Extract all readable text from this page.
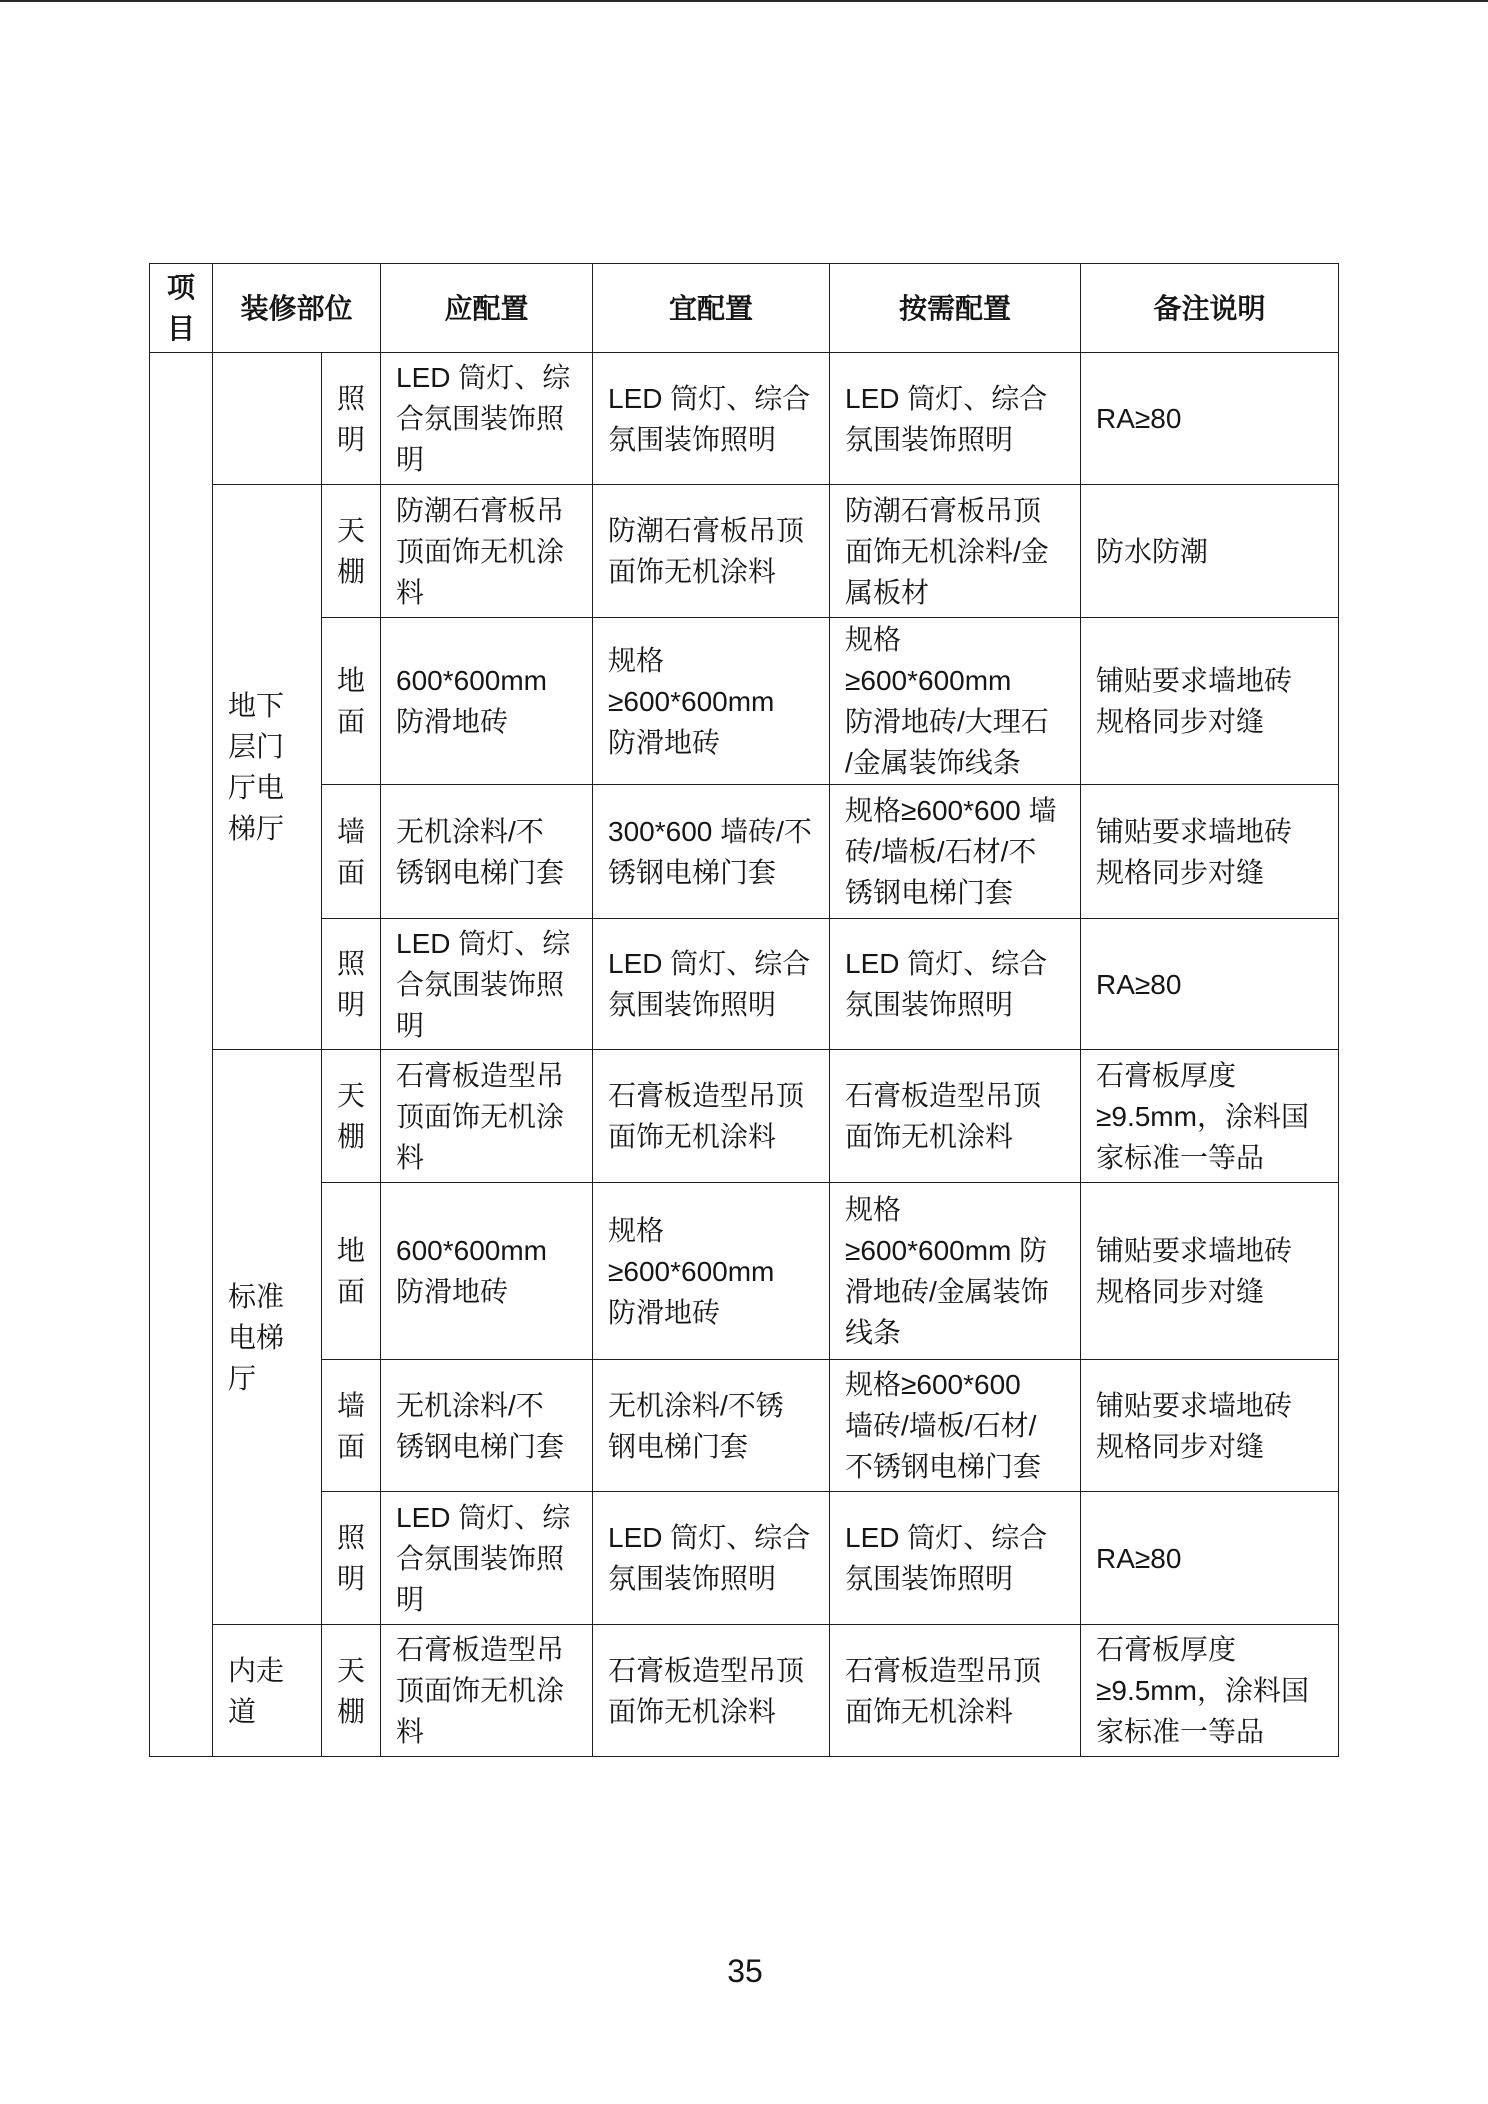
项目	装修部位		应配置	宜配置	按需配置	备注说明
		照明	LED 筒灯、综
合氛围装饰照
明	LED 筒灯、综合
氛围装饰照明	LED 筒灯、综合
氛围装饰照明	RA≥80

	地下层门厅电梯厅	天棚	防潮石膏板吊
顶面饰无机涂
料	防潮石膏板吊顶
面饰无机涂料	防潮石膏板吊顶
面饰无机涂料/金
属板材	防水防潮

		地面	600*600mm
防滑地砖	规格
≥600*600mm
防滑地砖	规格
≥600*600mm
防滑地砖/大理石
/金属装饰线条	铺贴要求墙地砖
规格同步对缝

		墙面	无机涂料/不
锈钢电梯门套	300*600 墙砖/不
锈钢电梯门套	规格≥600*600 墙
砖/墙板/石材/不
锈钢电梯门套	铺贴要求墙地砖
规格同步对缝

		照明	LED 筒灯、综
合氛围装饰照
明	LED 筒灯、综合
氛围装饰照明	LED 筒灯、综合
氛围装饰照明	RA≥80

	标准电梯厅	天棚	石膏板造型吊
顶面饰无机涂
料	石膏板造型吊顶
面饰无机涂料	石膏板造型吊顶
面饰无机涂料	石膏板厚度
≥9.5mm，涂料国
家标准一等品

		地面	600*600mm
防滑地砖	规格
≥600*600mm
防滑地砖	规格
≥600*600mm 防
滑地砖/金属装饰
线条	铺贴要求墙地砖
规格同步对缝

		墙面	无机涂料/不
锈钢电梯门套	无机涂料/不锈
钢电梯门套	规格≥600*600
墙砖/墙板/石材/
不锈钢电梯门套	铺贴要求墙地砖
规格同步对缝

		照明	LED 筒灯、综
合氛围装饰照
明	LED 筒灯、综合
氛围装饰照明	LED 筒灯、综合
氛围装饰照明	RA≥80

	内走道	天棚	石膏板造型吊
顶面饰无机涂
料	石膏板造型吊顶
面饰无机涂料	石膏板造型吊顶
面饰无机涂料	石膏板厚度
≥9.5mm，涂料国
家标准一等品
35
